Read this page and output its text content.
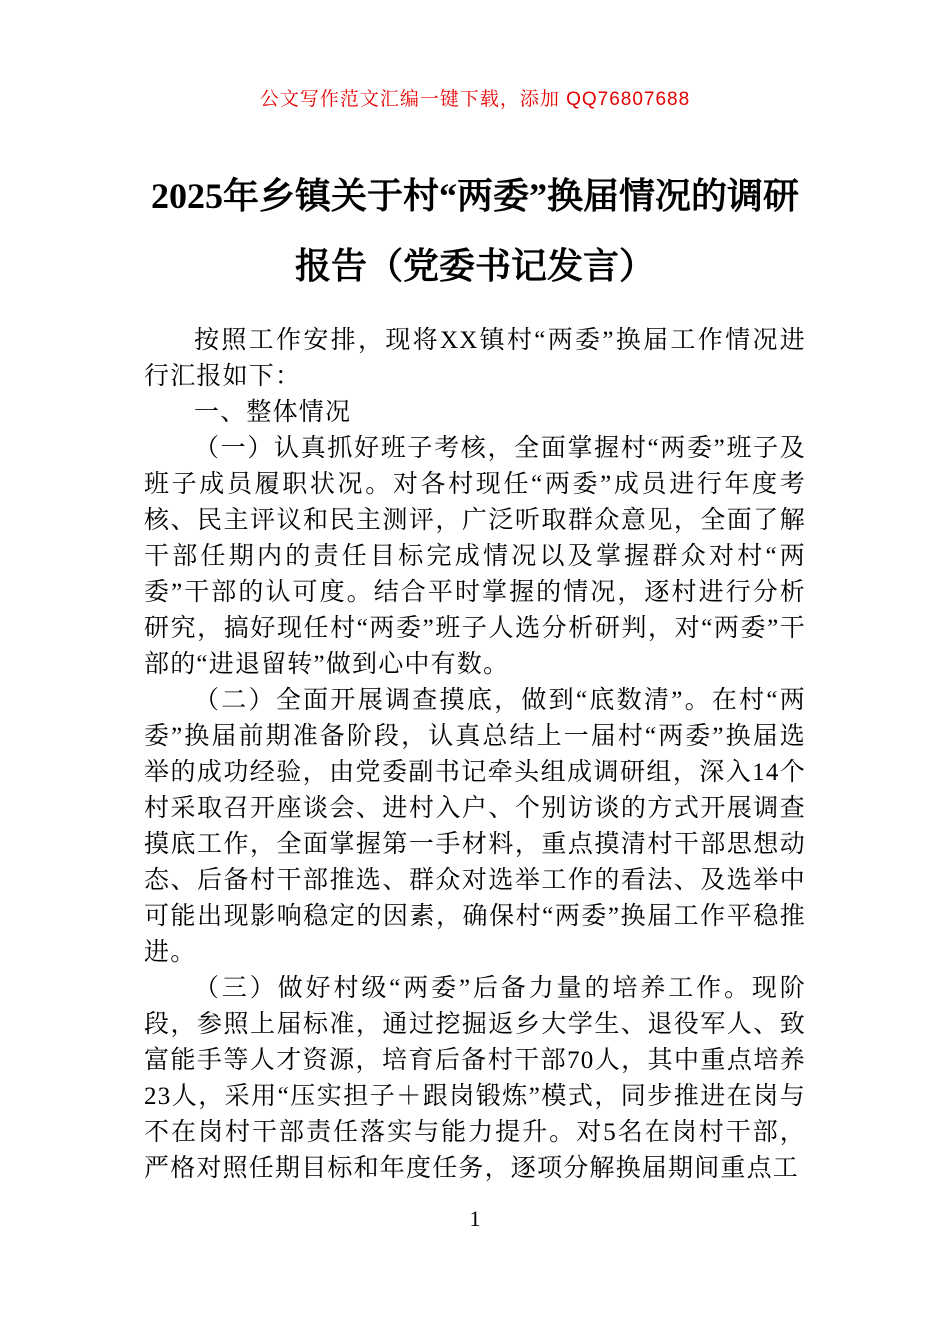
公文写作范文汇编一键下载，添加 QQ76807688
2025年乡镇关于村“两委”换届情况的调研报告（党委书记发言）

按照工作安排，现将XX镇村“两委”换届工作情况进行汇报如下：

一、整体情况

（一）认真抓好班子考核，全面掌握村“两委”班子及班子成员履职状况。对各村现任“两委”成员进行年度考核、民主评议和民主测评，广泛听取群众意见，全面了解干部任期内的责任目标完成情况以及掌握群众对村“两委”干部的认可度。结合平时掌握的情况，逐村进行分析研究，搞好现任村“两委”班子人选分析研判，对“两委”干部的“进退留转”做到心中有数。

（二）全面开展调查摸底，做到“底数清”。在村“两委”换届前期准备阶段，认真总结上一届村“两委”换届选举的成功经验，由党委副书记牵头组成调研组，深入14个村采取召开座谈会、进村入户、个别访谈的方式开展调查摸底工作，全面掌握第一手材料，重点摸清村干部思想动态、后备村干部推选、群众对选举工作的看法、及选举中可能出现影响稳定的因素，确保村“两委”换届工作平稳推进。

（三）做好村级“两委”后备力量的培养工作。现阶段，参照上届标准，通过挖掘返乡大学生、退役军人、致富能手等人才资源，培育后备村干部70人，其中重点培养23人，采用“压实担子＋跟岗锻炼”模式，同步推进在岗与不在岗村干部责任落实与能力提升。对5名在岗村干部，严格对照任期目标和年度任务，逐项分解换届期间重点工

1
